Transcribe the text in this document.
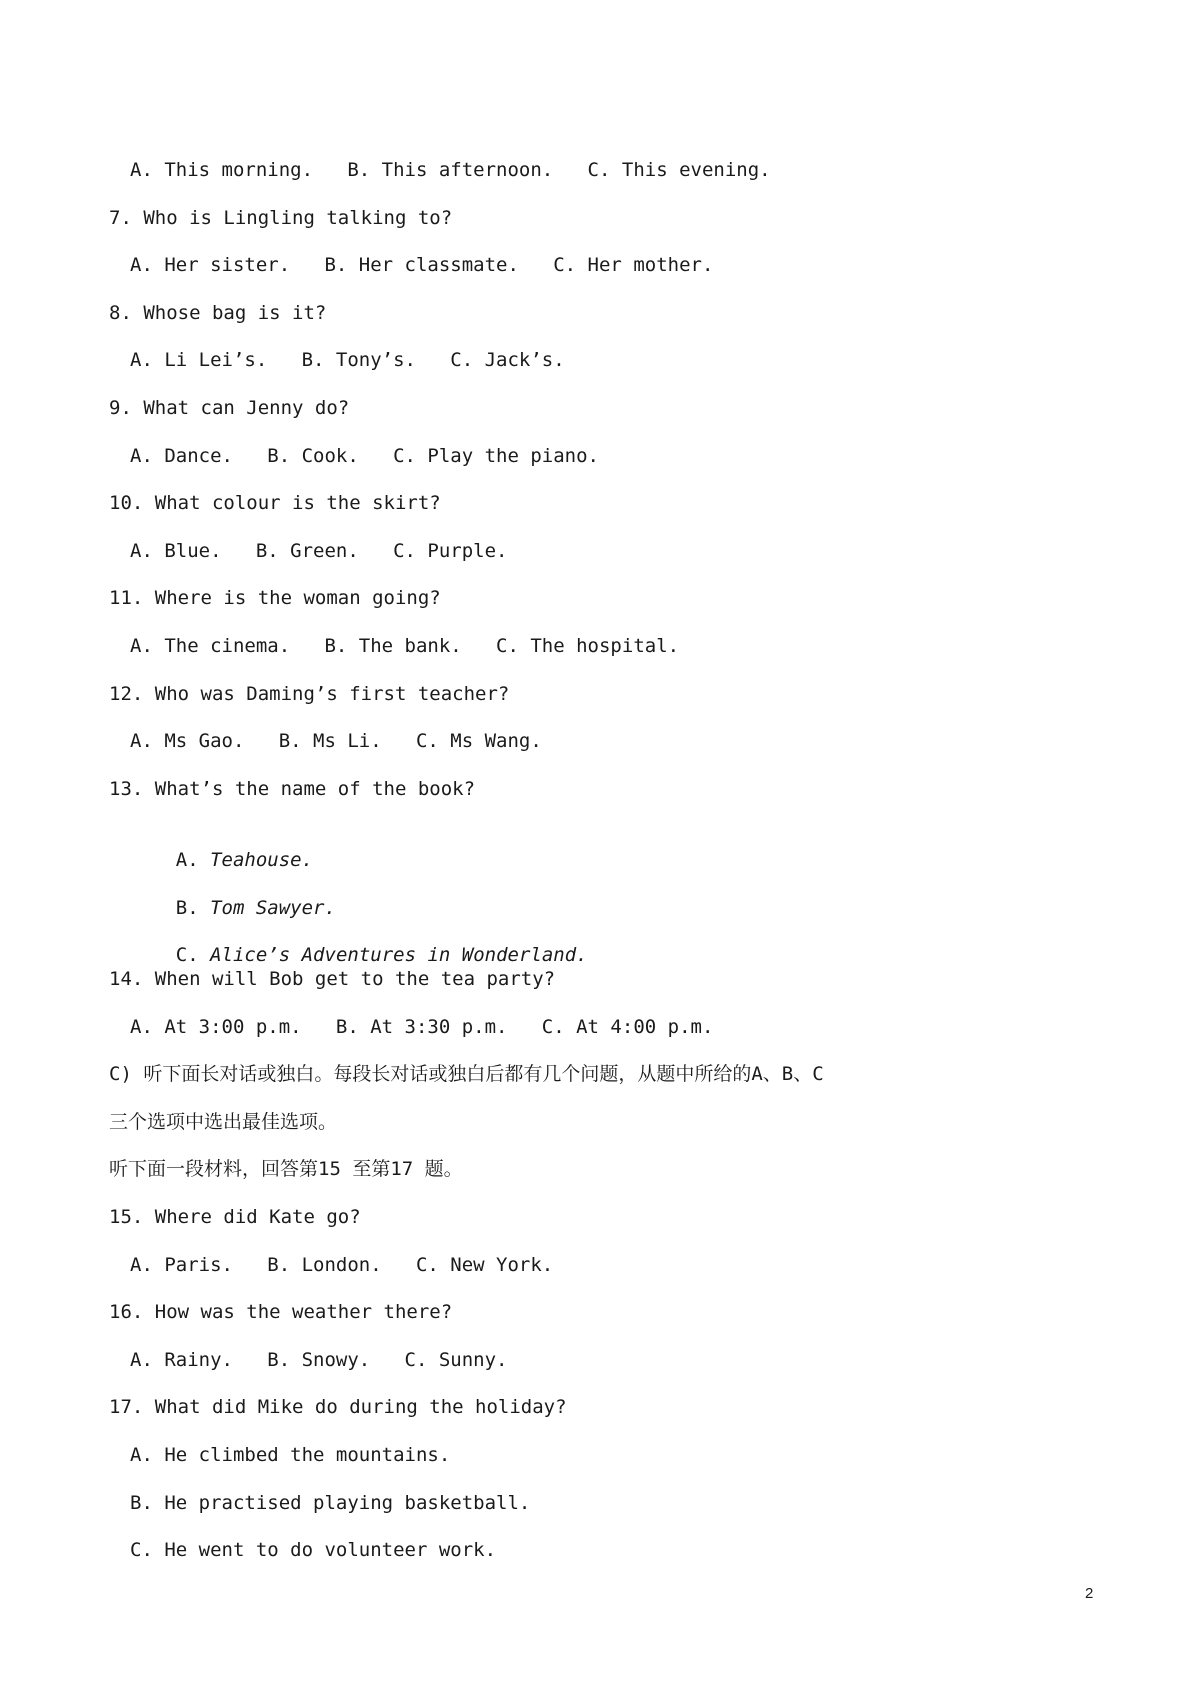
A. This morning.   B. This afternoon.   C. This evening.
7. Who is Lingling talking to?
A. Her sister.   B. Her classmate.   C. Her mother.
8. Whose bag is it?
A. Li Lei’s.   B. Tony’s.   C. Jack’s.
9. What can Jenny do?
A. Dance.   B. Cook.   C. Play the piano.
10. What colour is the skirt?
A. Blue.   B. Green.   C. Purple.
11. Where is the woman going?
A. The cinema.   B. The bank.   C. The hospital.
12. Who was Daming’s first teacher?
A. Ms Gao.   B. Ms Li.   C. Ms Wang.
13. What’s the name of the book?

A. Teahouse.

B. Tom Sawyer.

C. Alice’s Adventures in Wonderland.

14. When will Bob get to the tea party?
A. At 3:00 p.m.   B. At 3:30 p.m.   C. At 4:00 p.m.
C) 听下面长对话或独白。每段长对话或独白后都有几个问题，从题中所给的A、B、C
三个选项中选出最佳选项。
听下面一段材料，回答第15 至第17 题。
15. Where did Kate go?
A. Paris.   B. London.   C. New York.
16. How was the weather there?
A. Rainy.   B. Snowy.   C. Sunny.
17. What did Mike do during the holiday?
A. He climbed the mountains.
B. He practised playing basketball.
C. He went to do volunteer work.
2
